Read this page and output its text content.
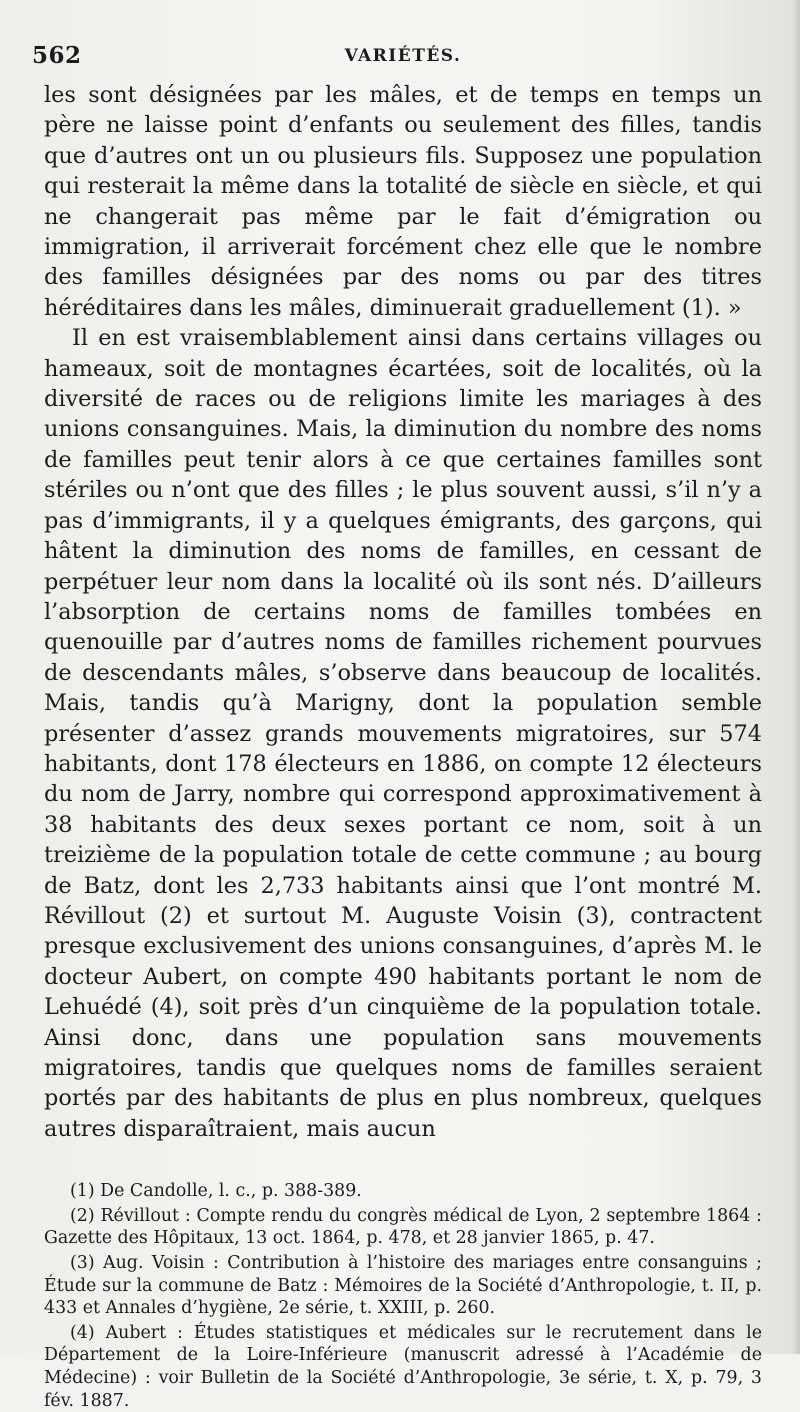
562	VARIÉTÉS.

les sont désignées par les mâles, et de temps en temps un père ne laisse point d’enfants ou seulement des filles, tandis que d’autres ont un ou plusieurs fils. Supposez une population qui resterait la même dans la totalité de siècle en siècle, et qui ne changerait pas même par le fait d’émigration ou immigration, il arriverait forcément chez elle que le nombre des familles désignées par des noms ou par des titres héréditaires dans les mâles, diminuerait graduellement (1). »

Il en est vraisemblablement ainsi dans certains villages ou hameaux, soit de montagnes écartées, soit de localités, où la diversité de races ou de religions limite les mariages à des unions consanguines. Mais, la diminution du nombre des noms de familles peut tenir alors à ce que certaines familles sont stériles ou n’ont que des filles ; le plus souvent aussi, s’il n’y a pas d’immigrants, il y a quelques émigrants, des garçons, qui hâtent la diminution des noms de familles, en cessant de perpétuer leur nom dans la localité où ils sont nés. D’ailleurs l’absorption de certains noms de familles tombées en quenouille par d’autres noms de familles richement pourvues de descendants mâles, s’observe dans beaucoup de localités. Mais, tandis qu’à Marigny, dont la population semble présenter d’assez grands mouvements migratoires, sur 574 habitants, dont 178 électeurs en 1886, on compte 12 électeurs du nom de Jarry, nombre qui correspond approximativement à 38 habitants des deux sexes portant ce nom, soit à un treizième de la population totale de cette commune ; au bourg de Batz, dont les 2,733 habitants ainsi que l’ont montré M. Révillout (2) et surtout M. Auguste Voisin (3), contractent presque exclusivement des unions consanguines, d’après M. le docteur Aubert, on compte 490 habitants portant le nom de Lehuédé (4), soit près d’un cinquième de la population totale. Ainsi donc, dans une population sans mouvements migratoires, tandis que quelques noms de familles seraient portés par des habitants de plus en plus nombreux, quelques autres disparaîtraient, mais aucun

(1) De Candolle, l. c., p. 388-389.

(2) Révillout : Compte rendu du congrès médical de Lyon, 2 septembre 1864 : Gazette des Hôpitaux, 13 oct. 1864, p. 478, et 28 janvier 1865, p. 47.

(3) Aug. Voisin : Contribution à l’histoire des mariages entre consanguins ; Étude sur la commune de Batz : Mémoires de la Société d’Anthropologie, t. II, p. 433 et Annales d’hygiène, 2e série, t. XXIII, p. 260.

(4) Aubert : Études statistiques et médicales sur le recrutement dans le Département de la Loire-Inférieure (manuscrit adressé à l’Académie de Médecine) : voir Bulletin de la Société d’Anthropologie, 3e série, t. X, p. 79, 3 fév. 1887.
